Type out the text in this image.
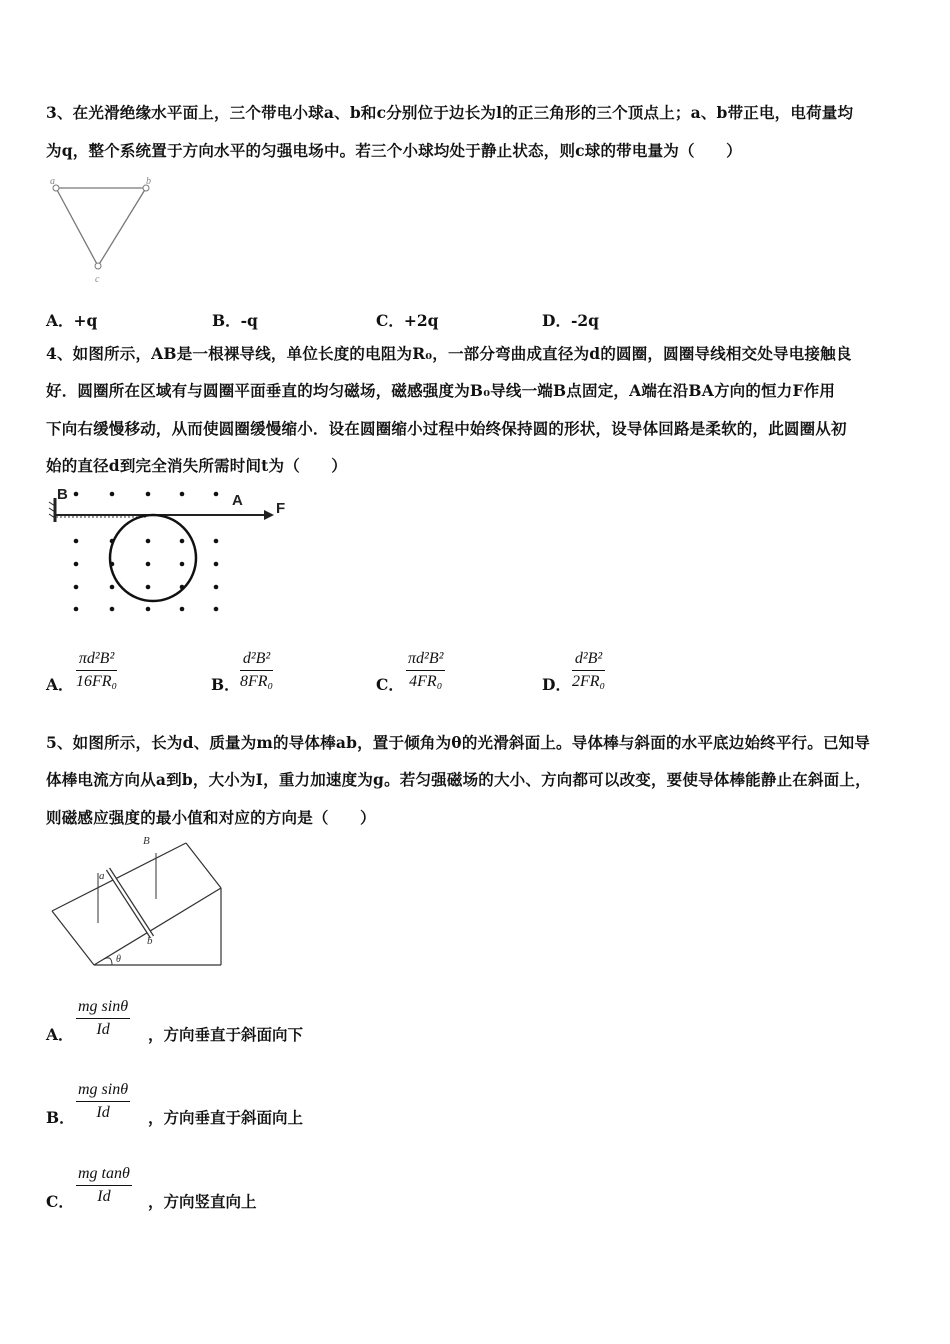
3、在光滑绝缘水平面上，三个带电小球a、b和c分别位于边长为l的正三角形的三个顶点上；a、b带正电，电荷量均
为q，整个系统置于方向水平的匀强电场中。若三个小球均处于静止状态，则c球的带电量为（　　）
a	b
c
A．+q	B．-q	C．+2q	D．-2q
4、如图所示，AB是一根裸导线，单位长度的电阻为R₀，一部分弯曲成直径为d的圆圈，圆圈导线相交处导电接触良
好．圆圈所在区域有与圆圈平面垂直的均匀磁场，磁感强度为B₀导线一端B点固定，A端在沿BA方向的恒力F作用
下向右缓慢移动，从而使圆圈缓慢缩小．设在圆圈缩小过程中始终保持圆的形状，设导体回路是柔软的，此圆圈从初
始的直径d到完全消失所需时间t为（　　）
B	A F
A． $\frac{\text{πd²B²}}{\text{16FR₀}}$	B． $\frac{\text{d²B²}}{\text{8FR₀}}$	C． $\frac{\text{πd²B²}}{\text{4FR₀}}$	D． $\frac{\text{d²B²}}{\text{2FR₀}}$
5、如图所示，长为d、质量为m的导体棒ab，置于倾角为θ的光滑斜面上。导体棒与斜面的水平底边始终平行。已知导
体棒电流方向从a到b，大小为I，重力加速度为g。若匀强磁场的大小、方向都可以改变，要使导体棒能静止在斜面上，
则磁感应强度的最小值和对应的方向是（　　）
B
a
b
θ
A． $\frac{\text{mg sinθ}}{Id}$ ，方向垂直于斜面向下
B． $\frac{\text{mg sinθ}}{Id}$ ，方向垂直于斜面向上
C． $\frac{\text{mg tanθ}}{Id}$ ，方向竖直向上
